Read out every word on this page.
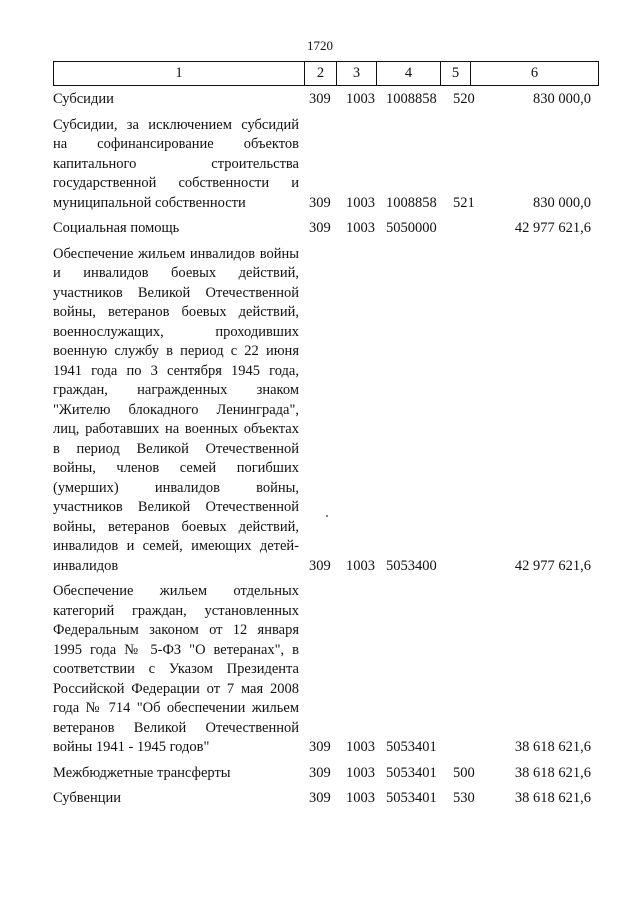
1720
1	2	3	4	5	6
Субсидии	309 1003 1008858 520	830 000,0
Субсидии, за исключением субсидий на софинансирование объектов капитального строительства государственной собственности и муниципальной собственности	309 1003 1008858 521	830 000,0
Социальная помощь	309 1003 5050000	42 977 621,6
Обеспечение жильем инвалидов войны и инвалидов боевых действий, участников Великой Отечественной войны, ветеранов боевых действий, военнослужащих, проходивших военную службу в период с 22 июня 1941 года по 3 сентября 1945 года, граждан, награжденных знаком "Жителю блокадного Ленинграда", лиц, работавших на военных объектах в период Великой Отечественной войны, членов семей погибших (умерших) инвалидов войны, участников Великой Отечественной войны, ветеранов боевых действий, инвалидов и семей, имеющих детей-инвалидов	309 1003 5053400	42 977 621,6
Обеспечение жильем отдельных категорий граждан, установленных Федеральным законом от 12 января 1995 года № 5-ФЗ "О ветеранах", в соответствии с Указом Президента Российской Федерации от 7 мая 2008 года № 714 "Об обеспечении жильем ветеранов Великой Отечественной войны 1941 - 1945 годов"	309 1003 5053401	38 618 621,6
Межбюджетные трансферты	309 1003 5053401 500	38 618 621,6
Субвенции	309 1003 5053401 530	38 618 621,6
